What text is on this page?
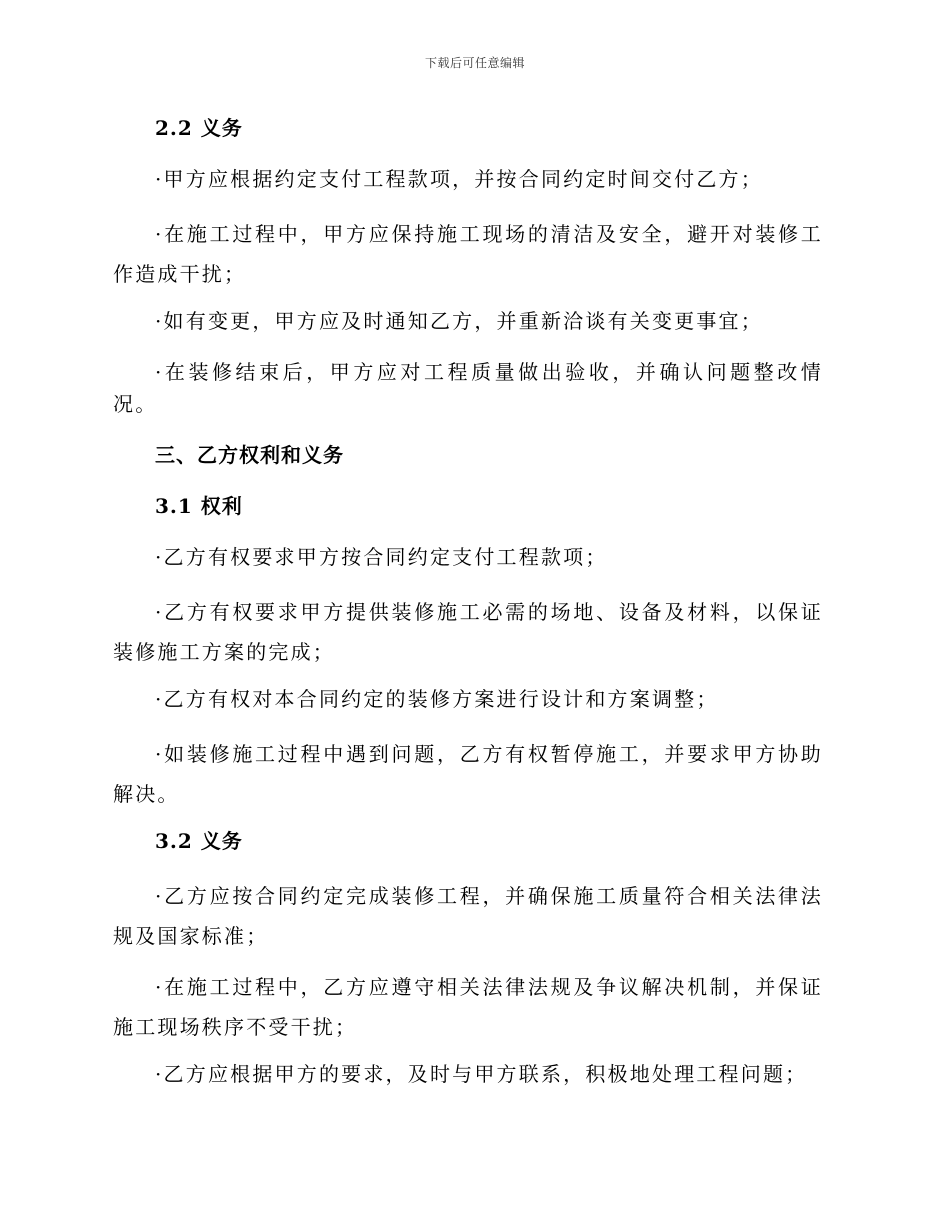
下载后可任意编辑
2.2 义务
·甲方应根据约定支付工程款项，并按合同约定时间交付乙方；
·在施工过程中，甲方应保持施工现场的清洁及安全，避开对装修工作造成干扰；
·如有变更，甲方应及时通知乙方，并重新洽谈有关变更事宜；
·在装修结束后，甲方应对工程质量做出验收，并确认问题整改情况。
三、乙方权利和义务
3.1 权利
·乙方有权要求甲方按合同约定支付工程款项；
·乙方有权要求甲方提供装修施工必需的场地、设备及材料，以保证装修施工方案的完成；
·乙方有权对本合同约定的装修方案进行设计和方案调整；
·如装修施工过程中遇到问题，乙方有权暂停施工，并要求甲方协助解决。
3.2 义务
·乙方应按合同约定完成装修工程，并确保施工质量符合相关法律法规及国家标准；
·在施工过程中，乙方应遵守相关法律法规及争议解决机制，并保证施工现场秩序不受干扰；
·乙方应根据甲方的要求，及时与甲方联系，积极地处理工程问题；
